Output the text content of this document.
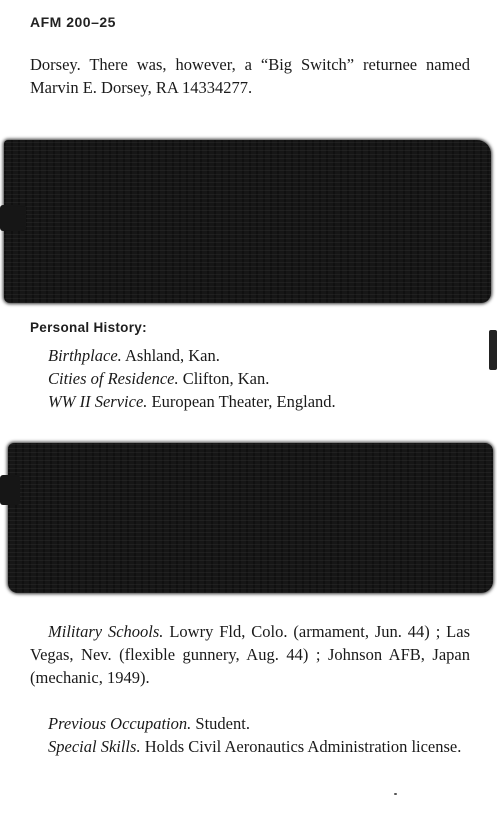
AFM 200–25
Dorsey. There was, however, a “Big Switch” returnee named Marvin E. Dorsey, RA 14334277.
Personal History:
Birthplace. Ashland, Kan.
Cities of Residence. Clifton, Kan.
WW II Service. European Theater, England.
Military Schools. Lowry Fld, Colo. (armament, Jun. 44) ; Las Vegas, Nev. (flexible gunnery, Aug. 44) ; Johnson AFB, Japan (mechanic, 1949).
Previous Occupation. Student.
Special Skills. Holds Civil Aeronautics Administration license.
